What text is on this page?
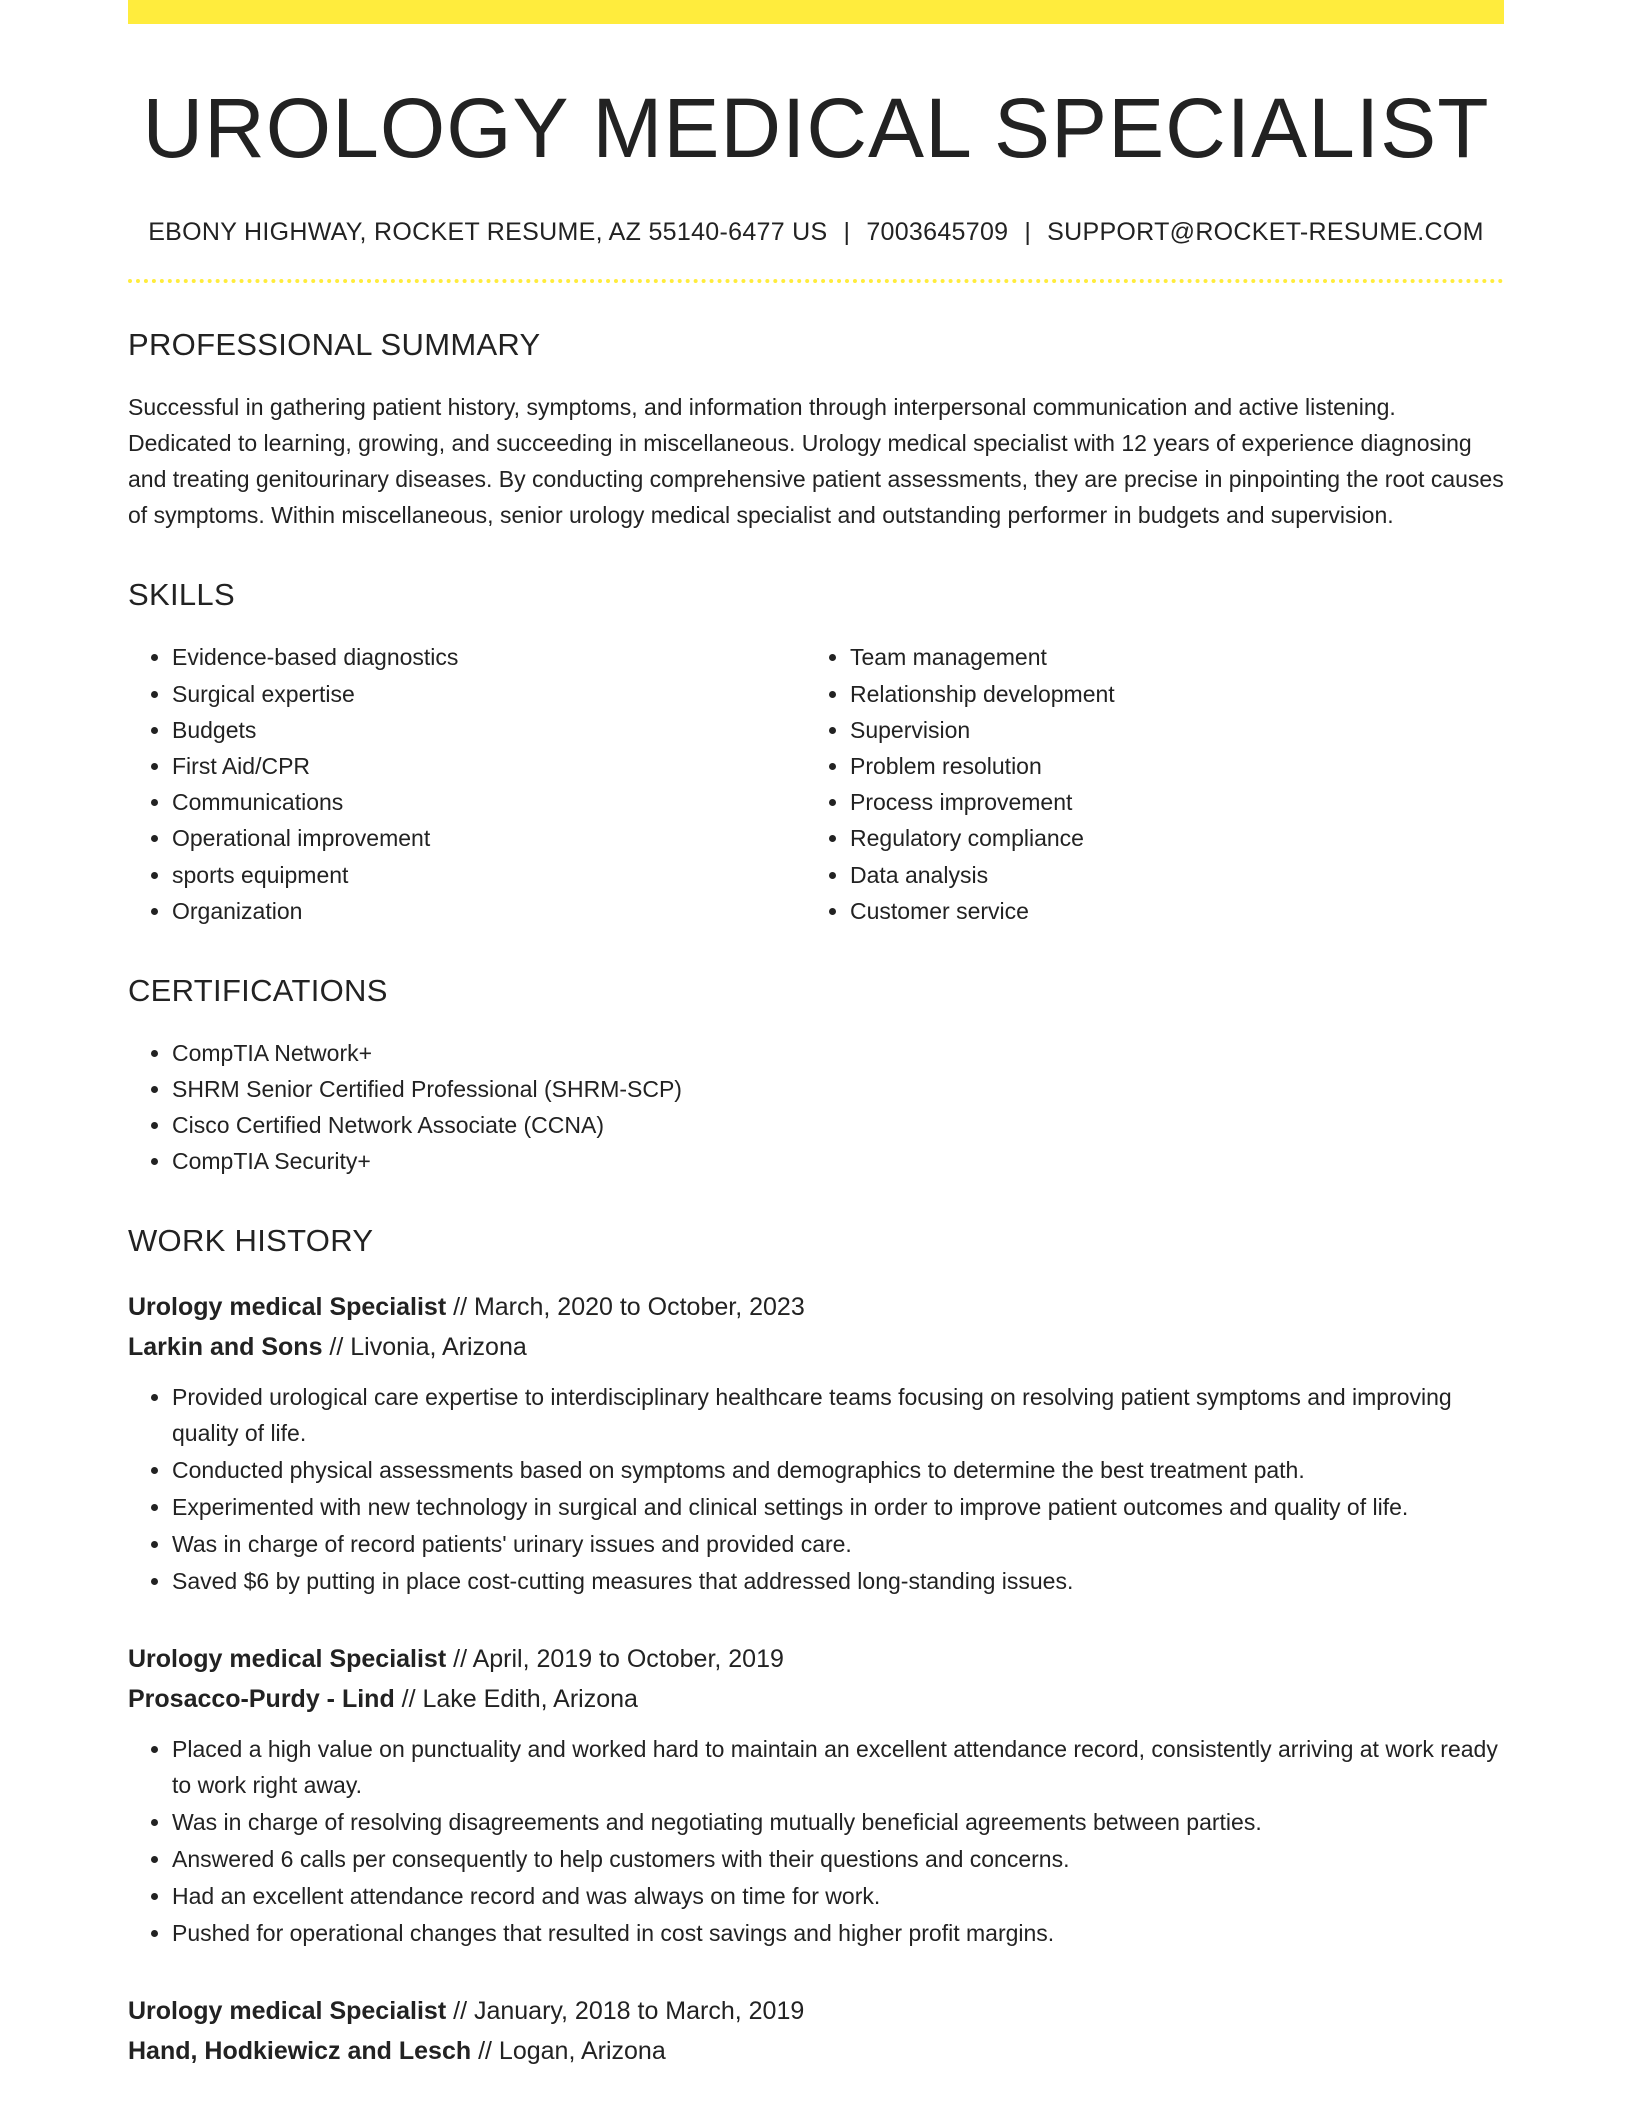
UROLOGY MEDICAL SPECIALIST
EBONY HIGHWAY, ROCKET RESUME, AZ 55140-6477 US | 7003645709 | SUPPORT@ROCKET-RESUME.COM
PROFESSIONAL SUMMARY
Successful in gathering patient history, symptoms, and information through interpersonal communication and active listening. Dedicated to learning, growing, and succeeding in miscellaneous. Urology medical specialist with 12 years of experience diagnosing and treating genitourinary diseases. By conducting comprehensive patient assessments, they are precise in pinpointing the root causes of symptoms. Within miscellaneous, senior urology medical specialist and outstanding performer in budgets and supervision.
SKILLS
• Evidence-based diagnostics
• Surgical expertise
• Budgets
• First Aid/CPR
• Communications
• Operational improvement
• sports equipment
• Organization
• Team management
• Relationship development
• Supervision
• Problem resolution
• Process improvement
• Regulatory compliance
• Data analysis
• Customer service
CERTIFICATIONS
• CompTIA Network+
• SHRM Senior Certified Professional (SHRM-SCP)
• Cisco Certified Network Associate (CCNA)
• CompTIA Security+
WORK HISTORY
Urology medical Specialist // March, 2020 to October, 2023
Larkin and Sons // Livonia, Arizona
• Provided urological care expertise to interdisciplinary healthcare teams focusing on resolving patient symptoms and improving quality of life.
• Conducted physical assessments based on symptoms and demographics to determine the best treatment path.
• Experimented with new technology in surgical and clinical settings in order to improve patient outcomes and quality of life.
• Was in charge of record patients' urinary issues and provided care.
• Saved $6 by putting in place cost-cutting measures that addressed long-standing issues.
Urology medical Specialist // April, 2019 to October, 2019
Prosacco-Purdy - Lind // Lake Edith, Arizona
• Placed a high value on punctuality and worked hard to maintain an excellent attendance record, consistently arriving at work ready to work right away.
• Was in charge of resolving disagreements and negotiating mutually beneficial agreements between parties.
• Answered 6 calls per consequently to help customers with their questions and concerns.
• Had an excellent attendance record and was always on time for work.
• Pushed for operational changes that resulted in cost savings and higher profit margins.
Urology medical Specialist // January, 2018 to March, 2019
Hand, Hodkiewicz and Lesch // Logan, Arizona
